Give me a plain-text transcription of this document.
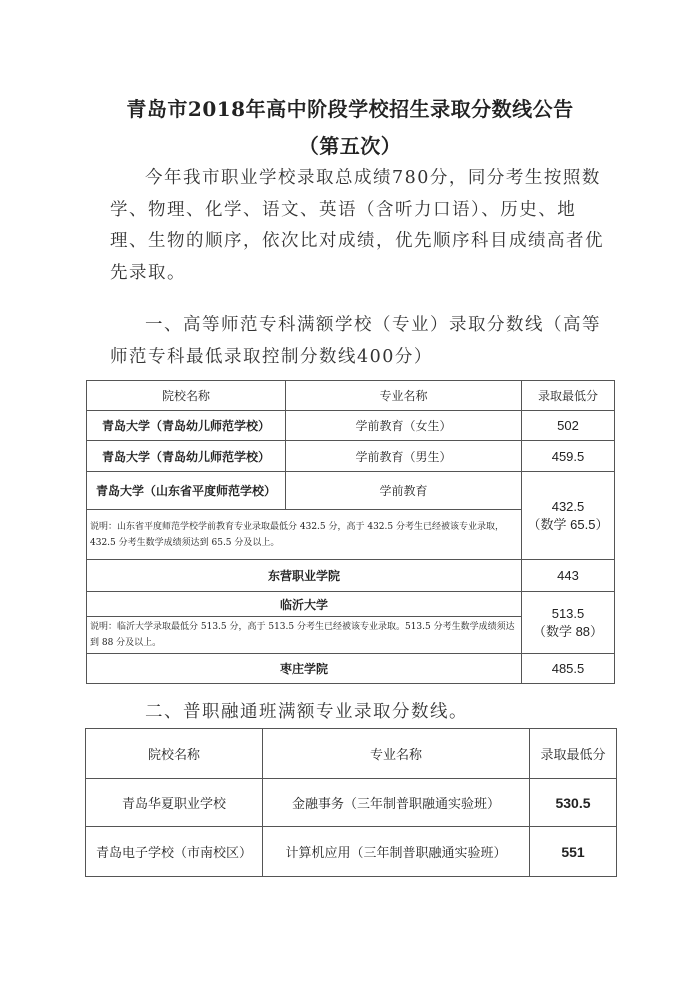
青岛市2018年高中阶段学校招生录取分数线公告
（第五次）

今年我市职业学校录取总成绩780分，同分考生按照数学、物理、化学、语文、英语（含听力口语）、历史、地理、生物的顺序，依次比对成绩，优先顺序科目成绩高者优先录取。

一、高等师范专科满额学校（专业）录取分数线（高等师范专科最低录取控制分数线400分）

院校名称	专业名称	录取最低分
青岛大学（青岛幼儿师范学校）	学前教育（女生）	502
青岛大学（青岛幼儿师范学校）	学前教育（男生）	459.5
青岛大学（山东省平度师范学校）	学前教育	432.5
（数学 65.5）

说明：山东省平度师范学校学前教育专业录取最低分 432.5 分，高于 432.5 分考生已经被该专业录取，432.5 分考生数学成绩须达到 65.5 分及以上。		
东营职业学院		443
临沂大学		513.5
（数学 88）

说明：临沂大学录取最低分 513.5 分，高于 513.5 分考生已经被该专业录取。513.5 分考生数学成绩须达到 88 分及以上。		
枣庄学院		485.5

二、普职融通班满额专业录取分数线。

院校名称	专业名称	录取最低分
青岛华夏职业学校	金融事务（三年制普职融通实验班）	530.5
青岛电子学校（市南校区）	计算机应用（三年制普职融通实验班）	551
